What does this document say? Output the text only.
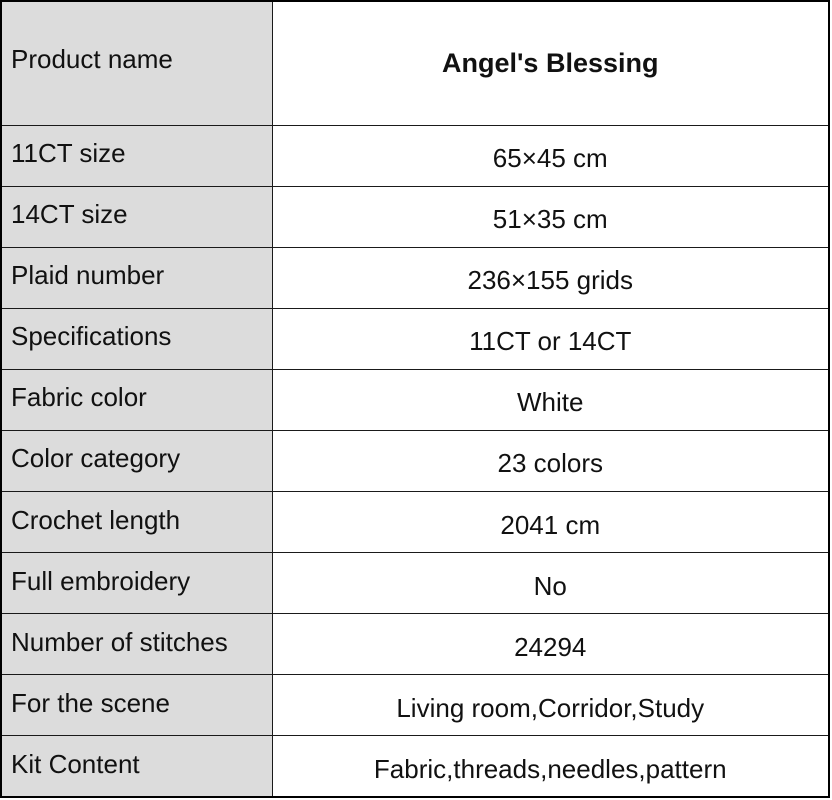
Product name	Angel's Blessing
11CT size	65×45 cm
14CT size	51×35 cm
Plaid number	236×155 grids
Specifications	11CT or 14CT
Fabric color	White
Color category	23 colors
Crochet length	2041 cm
Full embroidery	No
Number of stitches	24294
For the scene	Living room,Corridor,Study
Kit Content	Fabric,threads,needles,pattern
